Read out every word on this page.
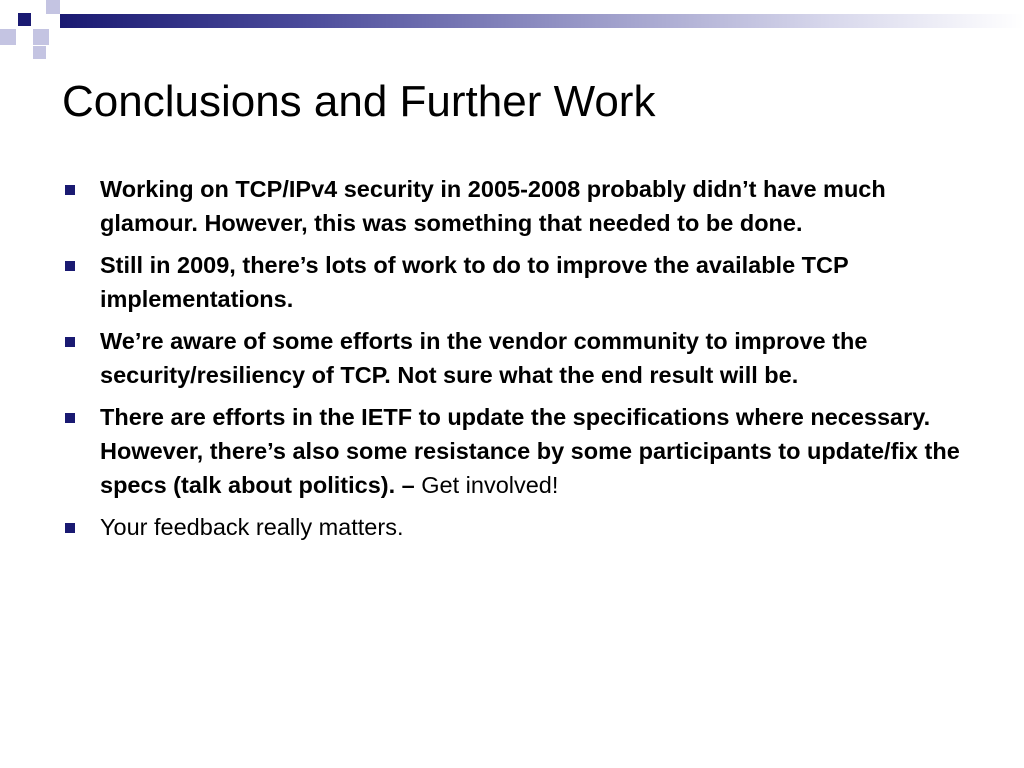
Conclusions and Further Work
Working on TCP/IPv4 security in 2005-2008 probably didn’t have much glamour. However, this was something that needed to be done.
Still in 2009, there’s lots of work to do to improve the available TCP implementations.
We’re aware of some efforts in the vendor community to improve the security/resiliency of TCP. Not sure what the end result will be.
There are efforts in the IETF to update the specifications where necessary. However, there’s also some resistance by some participants to update/fix the specs (talk about politics). – Get involved!
Your feedback really matters.
